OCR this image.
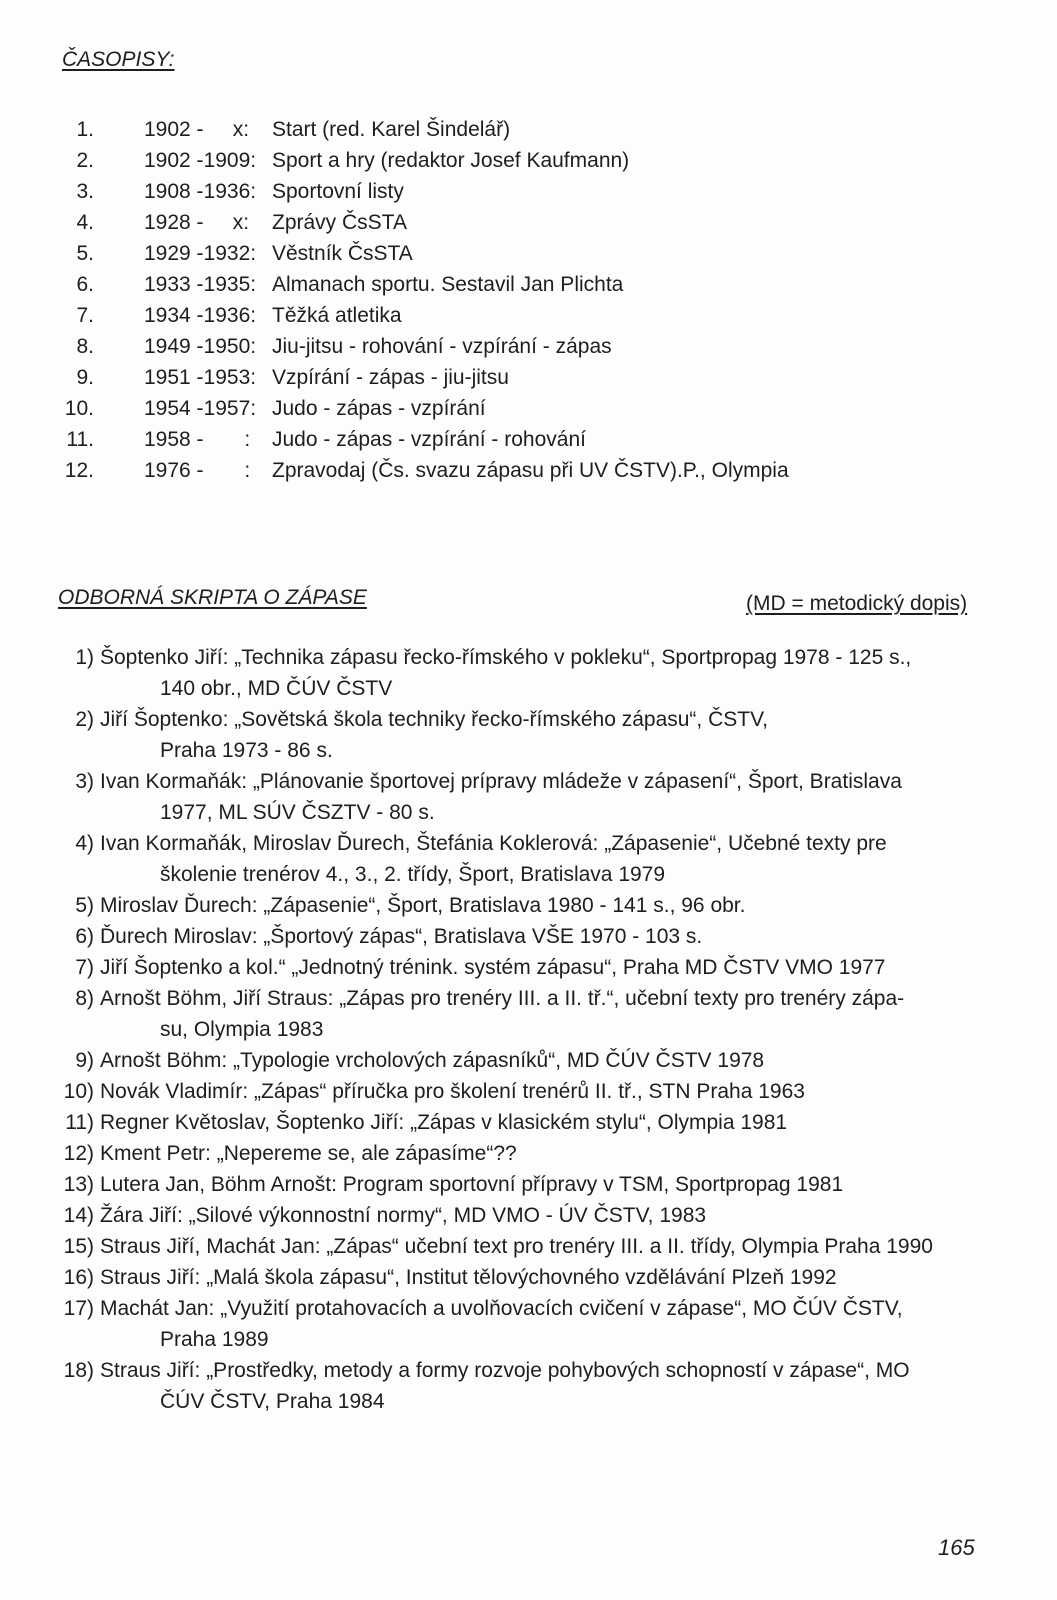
ČASOPISY:
1. 1902 -     x:	Start (red. Karel Šindelář)
2. 1902 -1909: Sport a hry (redaktor Josef Kaufmann)
3. 1908 -1936: Sportovní listy
4. 1928 -     x:	Zprávy ČsSTA
5. 1929 -1932: Věstník ČsSTA
6. 1933 -1935: Almanach sportu. Sestavil Jan Plichta
7. 1934 -1936: Těžká atletika
8. 1949 -1950: Jiu-jitsu - rohování - vzpírání - zápas
9. 1951 -1953: Vzpírání - zápas - jiu-jitsu
10. 1954 -1957: Judo - zápas - vzpírání
11. 1958 -       :	Judo - zápas - vzpírání - rohování
12. 1976 -       :	Zpravodaj (Čs. svazu zápasu při UV ČSTV).P., Olympia
ODBORNÁ SKRIPTA O ZÁPASE	(MD = metodický dopis)
1) Šoptenko Jiří: „Technika zápasu řecko-římského v pokleku“, Sportpropag 1978 - 125 s.,
140 obr., MD ČÚV ČSTV
2) Jiří Šoptenko: „Sovětská škola techniky řecko-římského zápasu“, ČSTV,
Praha 1973 - 86 s.
3) Ivan Kormaňák: „Plánovanie športovej prípravy mládeže v zápasení“, Šport, Bratislava
1977, ML SÚV ČSZTV - 80 s.
4) Ivan Kormaňák, Miroslav Ďurech, Štefánia Koklerová: „Zápasenie“, Učebné texty pre
školenie trenérov 4., 3., 2. třídy, Šport, Bratislava 1979
5) Miroslav Ďurech: „Zápasenie“, Šport, Bratislava 1980 - 141 s., 96 obr.
6) Ďurech Miroslav: „Športový zápas“, Bratislava VŠE 1970 - 103 s.
7) Jiří Šoptenko a kol.“ „Jednotný trénink. systém zápasu“, Praha MD ČSTV VMO 1977
8) Arnošt Böhm, Jiří Straus: „Zápas pro trenéry III. a II. tř.“, učební texty pro trenéry zápa-
su, Olympia 1983
9) Arnošt Böhm: „Typologie vrcholových zápasníků“, MD ČÚV ČSTV 1978
10) Novák Vladimír: „Zápas“ příručka pro školení trenérů II. tř., STN Praha 1963
11) Regner Květoslav, Šoptenko Jiří: „Zápas v klasickém stylu“, Olympia 1981
12) Kment Petr: „Nepereme se, ale zápasíme“??
13) Lutera Jan, Böhm Arnošt: Program sportovní přípravy v TSM, Sportpropag 1981
14) Žára Jiří: „Silové výkonnostní normy“, MD VMO - ÚV ČSTV, 1983
15) Straus Jiří, Machát Jan: „Zápas“ učební text pro trenéry III. a II. třídy, Olympia Praha 1990
16) Straus Jiří: „Malá škola zápasu“, Institut tělovýchovného vzdělávání Plzeň 1992
17) Machát Jan: „Využití protahovacích a uvolňovacích cvičení v zápase“, MO ČÚV ČSTV,
Praha 1989
18) Straus Jiří: „Prostředky, metody a formy rozvoje pohybových schopností v zápase“, MO
ČÚV ČSTV, Praha 1984
165
